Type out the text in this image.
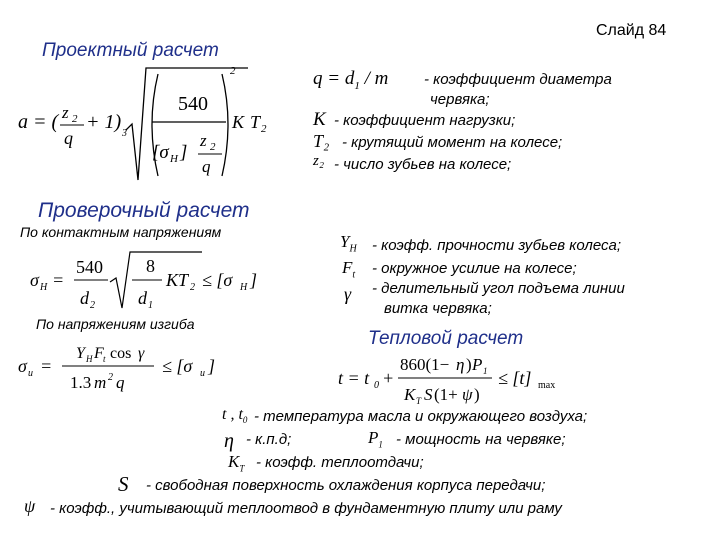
Слайд 84
Проектный расчет
Проверочный расчет
По контактным напряжениям
По напряжениям изгиба
Тепловой расчет
a = ( z 2
q
+ 1)
3
540
[σ H ]
z 2
q
2
K T 2
$q = d_1 / m$ - коэффициент диаметра
червяка;
K - коэффициент нагрузки;
T₂ - крутящий момент на колесе;
z₂ - число зубьев на колесе;
σ H =
540
d 2
8
d 1
KT 2 ≤ [σ H ]
σ и =
Y H F t cos γ
1.3 m 2 q
≤ [σ и ]
$Y_H$
$F_t$
γ
- коэфф. прочности зубьев колеса;
- окружное усилие на колесе;
- делительный угол подъема линии
витка червяка;
t = t 0 +
860(1− η ) P 1
K T S (1+ ψ )
≤ [t] max
t , $t_0$ - температура масла и окружающего воздуха;
η - к.п.д;	$P_1$ - мощность на червяке;
$K_T$ - коэфф. теплоотдачи;
S - свободная поверхность охлаждения корпуса передачи;
ψ - коэфф., учитывающий теплоотвод в фундаментную плиту или раму
